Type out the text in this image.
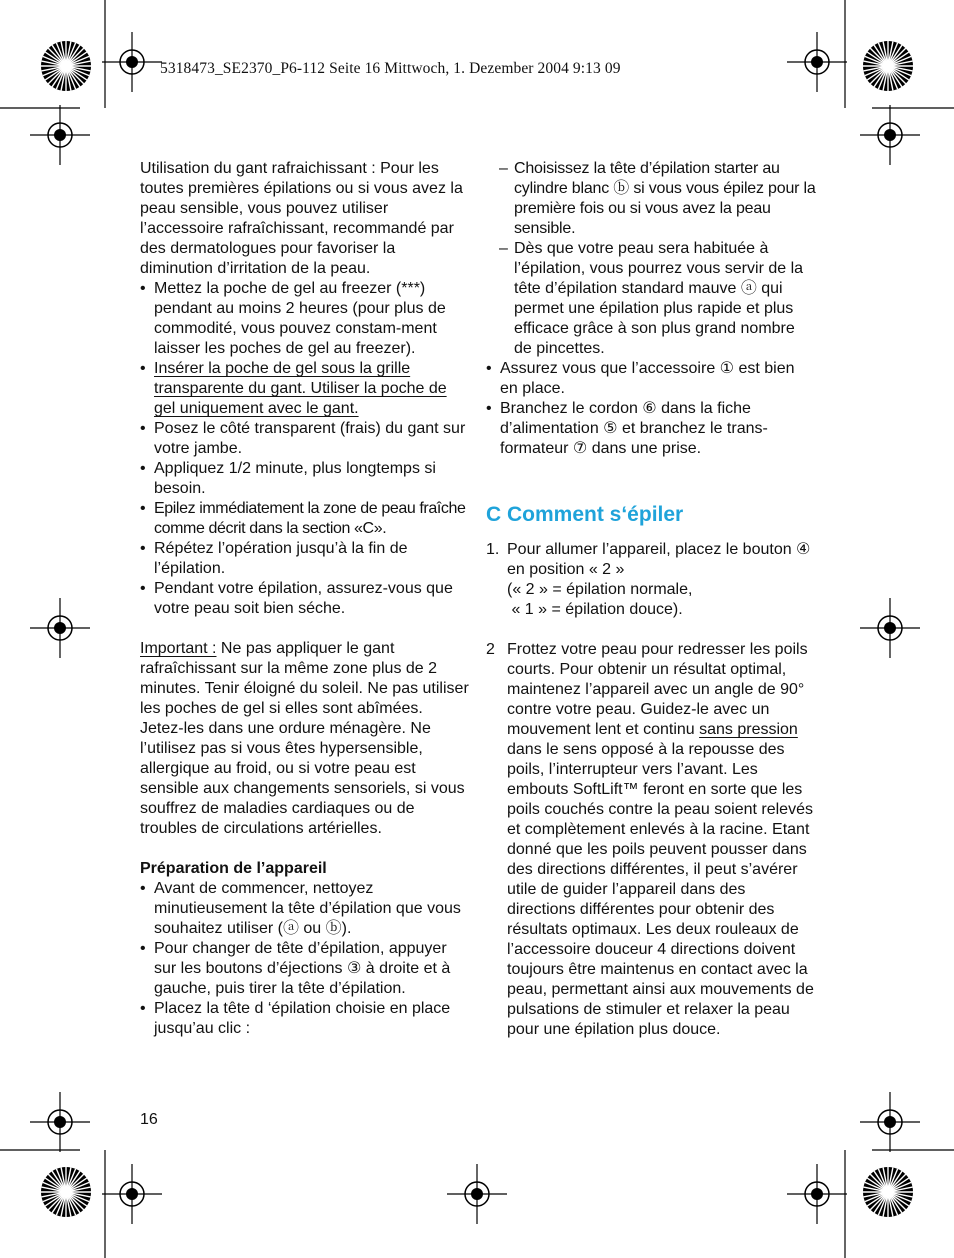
5318473_SE2370_P6-112 Seite 16 Mittwoch, 1. Dezember 2004 9:13 09

Utilisation du gant rafraichissant : Pour les toutes premières épilations ou si vous avez la peau sensible, vous pouvez utiliser l’accessoire rafraîchissant, recommandé par des dermatologues pour favoriser la diminution d’irritation de la peau.

• Mettez la poche de gel au freezer (***) pendant au moins 2 heures (pour plus de commodité, vous pouvez constam-ment laisser les poches de gel au freezer).

• Insérer la poche de gel sous la grille transparente du gant. Utiliser la poche de gel uniquement avec le gant.

• Posez le côté transparent (frais) du gant sur votre jambe.

• Appliquez 1/2 minute, plus longtemps si besoin.

• Epilez immédiatement la zone de peau fraîche comme décrit dans la section «C».

• Répétez l’opération jusqu’à la fin de l’épilation.

• Pendant votre épilation, assurez-vous que votre peau soit bien séche.

Important : Ne pas appliquer le gant rafraîchissant sur la même zone plus de 2 minutes. Tenir éloigné du soleil. Ne pas utiliser les poches de gel si elles sont abîmées. Jetez-les dans une ordure ménagère. Ne l’utilisez pas si vous êtes hypersensible, allergique au froid, ou si votre peau est sensible aux changements sensoriels, si vous souffrez de maladies cardiaques ou de troubles de circulations artérielles.

Préparation de l’appareil

• Avant de commencer, nettoyez minutieusement la tête d’épilation que vous souhaitez utiliser (ⓐ ou ⓑ).

• Pour changer de tête d’épilation, appuyer sur les boutons d’éjections ③ à droite et à gauche, puis tirer la tête d’épilation.

• Placez la tête d ‘épilation choisie en place jusqu’au clic :

– Choisissez la tête d’épilation starter au cylindre blanc ⓑ si vous vous épilez pour la première fois ou si vous avez la peau sensible.

– Dès que votre peau sera habituée à l’épilation, vous pourrez vous servir de la tête d’épilation standard mauve ⓐ qui permet une épilation plus rapide et plus efficace grâce à son plus grand nombre de pincettes.

• Assurez vous que l’accessoire ① est bien en place.

• Branchez le cordon ⑥ dans la fiche d’alimentation ⑤ et branchez le trans-formateur ⑦ dans une prise.

C Comment s‘épiler
1. Pour allumer l’appareil, placez le bouton ④ en position « 2 »

(« 2 » = épilation normale,

« 1 » = épilation douce).

2 Frottez votre peau pour redresser les poils courts. Pour obtenir un résultat optimal, maintenez l’appareil avec un angle de 90° contre votre peau. Guidez-le avec un mouvement lent et continu sans pression dans le sens opposé à la repousse des poils, l’interrupteur vers l’avant. Les embouts SoftLift™ feront en sorte que les poils couchés contre la peau soient relevés et complètement enlevés à la racine. Etant donné que les poils peuvent pousser dans des directions différentes, il peut s’avérer utile de guider l’appareil dans des directions différentes pour obtenir des résultats optimaux. Les deux rouleaux de l’accessoire douceur 4 directions doivent toujours être maintenus en contact avec la peau, permettant ainsi aux mouvements de pulsations de stimuler et relaxer la peau pour une épilation plus douce.

16
